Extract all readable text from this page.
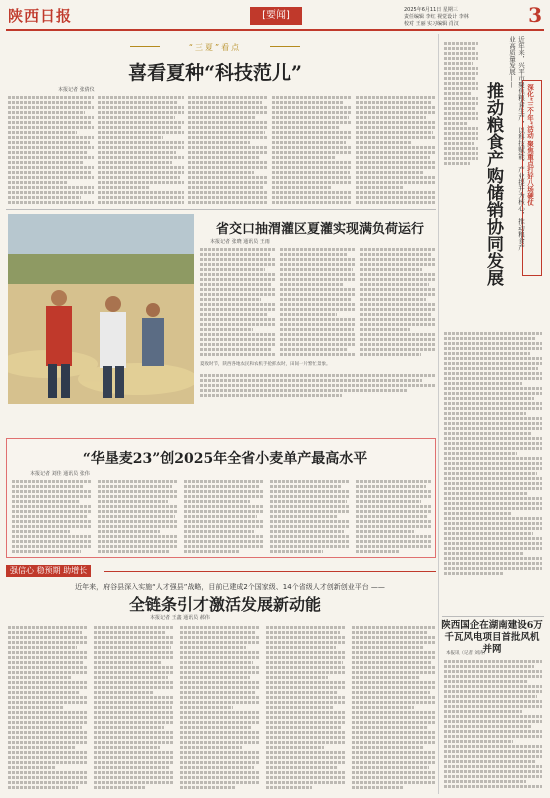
陕西日报	[要闻]	2025年6月11日 星期三
责任编辑 李红 视觉设计 李林
校对 王丽 实习编辑 肖汉	3
“三夏”看点
喜看夏种“科技范儿”
本报记者 张倩仪
省交口抽渭灌区夏灌实现满负荷运行
本报记者 张晓 通讯员 王雨
夏收时节，陕西各地农民和农机手抢抓农时，田间一片繁忙景象。
“华垦麦23”创2025年全省小麦单产最高水平
本报记者 刘佳 通讯员 张伟
强信心 稳预期 助增长
近年来，府谷县深入实施“人才强县”战略，目前已建成2个国家级、14个省级人才创新创业平台 ——
全链条引才激活发展新动能
本报记者 王鑫 通讯员 郝伟
深化“三个年”活动 聚焦重点打好八场硬仗
近年来，兴平市聚焦粮食生产，以科技赋能、产业提升为核心，推动粮食产业高质量发展——
推动粮食产购储销协同发展
陕西国企在湖南建设6万千瓦风电项目首批风机并网
本报讯（记者 刘涛）
